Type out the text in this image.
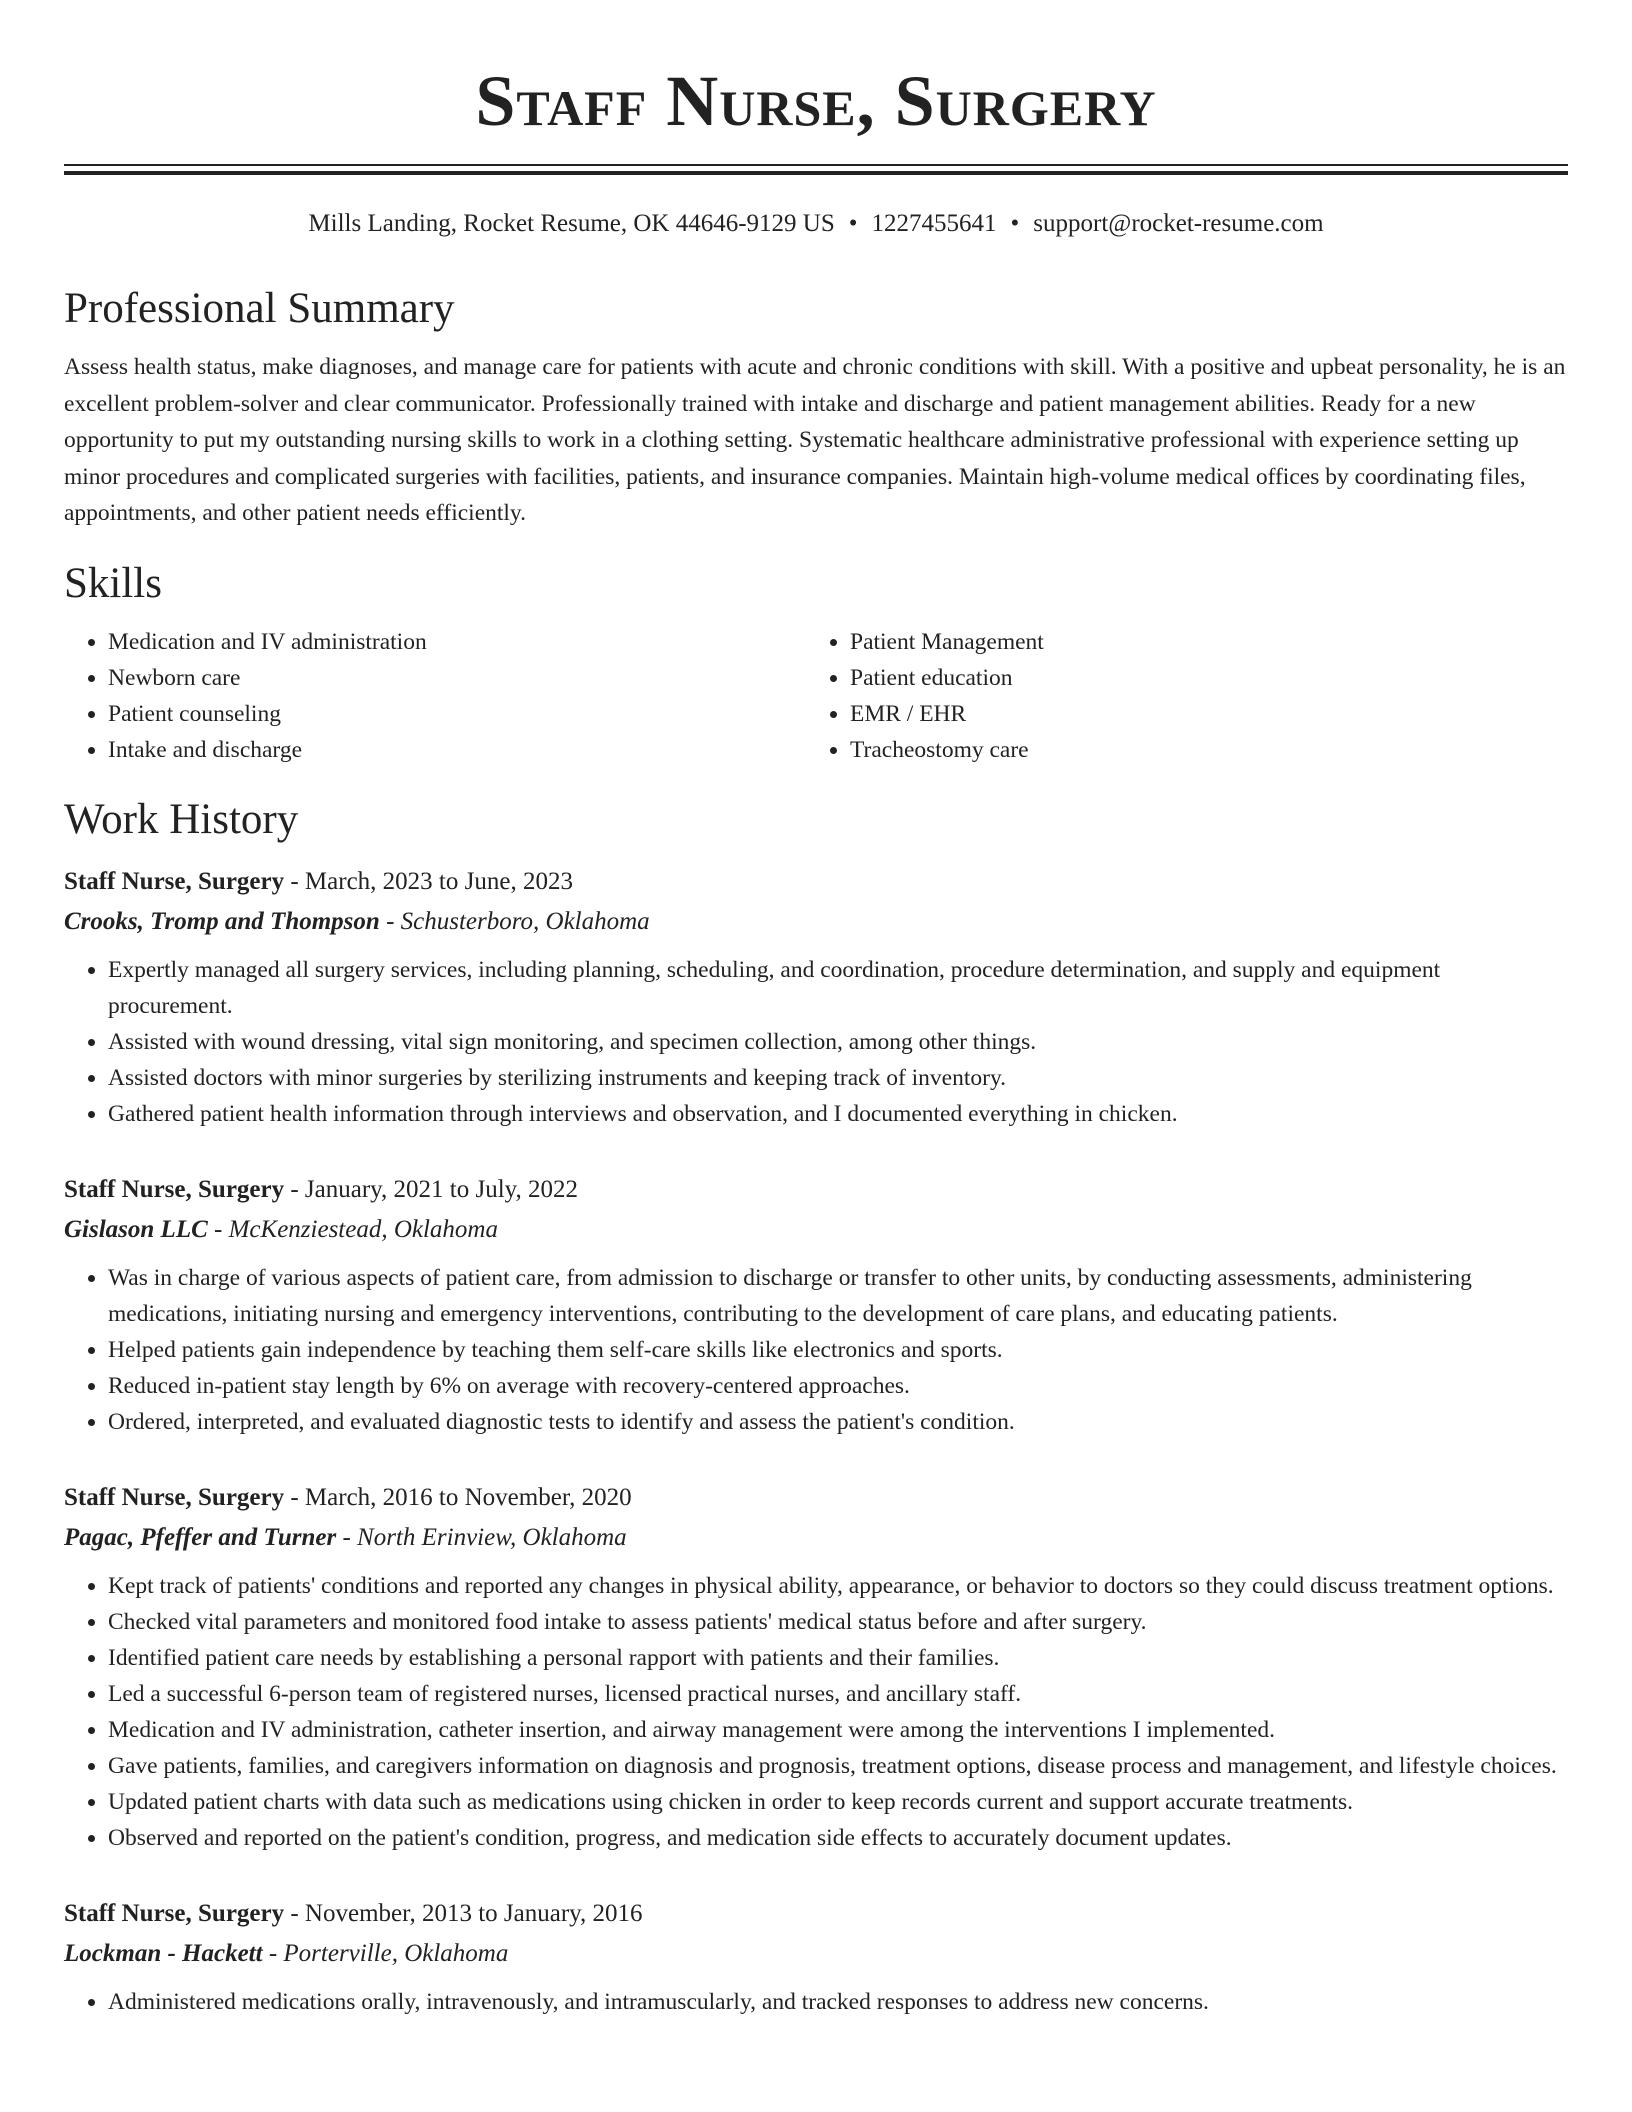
Staff Nurse, Surgery
Mills Landing, Rocket Resume, OK 44646-9129 US • 1227455641 • support@rocket-resume.com
Professional Summary
Assess health status, make diagnoses, and manage care for patients with acute and chronic conditions with skill. With a positive and upbeat personality, he is an excellent problem-solver and clear communicator. Professionally trained with intake and discharge and patient management abilities. Ready for a new opportunity to put my outstanding nursing skills to work in a clothing setting. Systematic healthcare administrative professional with experience setting up minor procedures and complicated surgeries with facilities, patients, and insurance companies. Maintain high-volume medical offices by coordinating files, appointments, and other patient needs efficiently.
Skills
• Medication and IV administration
• Newborn care
• Patient counseling
• Intake and discharge
• Patient Management
• Patient education
• EMR / EHR
• Tracheostomy care
Work History
Staff Nurse, Surgery - March, 2023 to June, 2023
Crooks, Tromp and Thompson - Schusterboro, Oklahoma
• Expertly managed all surgery services, including planning, scheduling, and coordination, procedure determination, and supply and equipment procurement.
• Assisted with wound dressing, vital sign monitoring, and specimen collection, among other things.
• Assisted doctors with minor surgeries by sterilizing instruments and keeping track of inventory.
• Gathered patient health information through interviews and observation, and I documented everything in chicken.
Staff Nurse, Surgery - January, 2021 to July, 2022
Gislason LLC - McKenziestead, Oklahoma
• Was in charge of various aspects of patient care, from admission to discharge or transfer to other units, by conducting assessments, administering medications, initiating nursing and emergency interventions, contributing to the development of care plans, and educating patients.
• Helped patients gain independence by teaching them self-care skills like electronics and sports.
• Reduced in-patient stay length by 6% on average with recovery-centered approaches.
• Ordered, interpreted, and evaluated diagnostic tests to identify and assess the patient's condition.
Staff Nurse, Surgery - March, 2016 to November, 2020
Pagac, Pfeffer and Turner - North Erinview, Oklahoma
• Kept track of patients' conditions and reported any changes in physical ability, appearance, or behavior to doctors so they could discuss treatment options.
• Checked vital parameters and monitored food intake to assess patients' medical status before and after surgery.
• Identified patient care needs by establishing a personal rapport with patients and their families.
• Led a successful 6-person team of registered nurses, licensed practical nurses, and ancillary staff.
• Medication and IV administration, catheter insertion, and airway management were among the interventions I implemented.
• Gave patients, families, and caregivers information on diagnosis and prognosis, treatment options, disease process and management, and lifestyle choices.
• Updated patient charts with data such as medications using chicken in order to keep records current and support accurate treatments.
• Observed and reported on the patient's condition, progress, and medication side effects to accurately document updates.
Staff Nurse, Surgery - November, 2013 to January, 2016
Lockman - Hackett - Porterville, Oklahoma
• Administered medications orally, intravenously, and intramuscularly, and tracked responses to address new concerns.
